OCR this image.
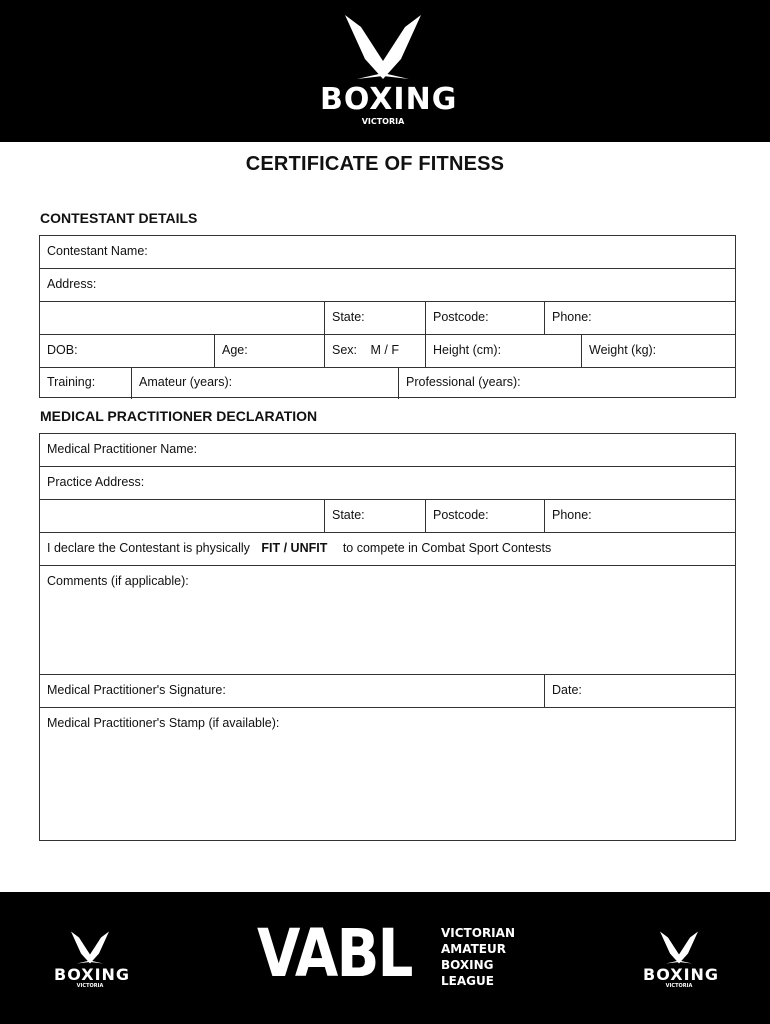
BOXING
VICTORIA
CERTIFICATE OF FITNESS
CONTESTANT DETAILS
Contestant Name:
Address:
State:	Postcode:	Phone:
DOB:	Age:	Sex: M / F	Height (cm):	Weight (kg):
Training:	Amateur (years):	Professional (years):
MEDICAL PRACTITIONER DECLARATION
Medical Practitioner Name:
Practice Address:
State:	Postcode:	Phone:
I declare the Contestant is physically FIT / UNFIT to compete in Combat Sport Contests
Comments (if applicable):
Medical Practitioner's Signature:	Date:
Medical Practitioner's Stamp (if available):
BOXING
VICTORIA
BOXING
VICTORIA
VABL VICTORIAN
AMATEUR
BOXING
LEAGUE
